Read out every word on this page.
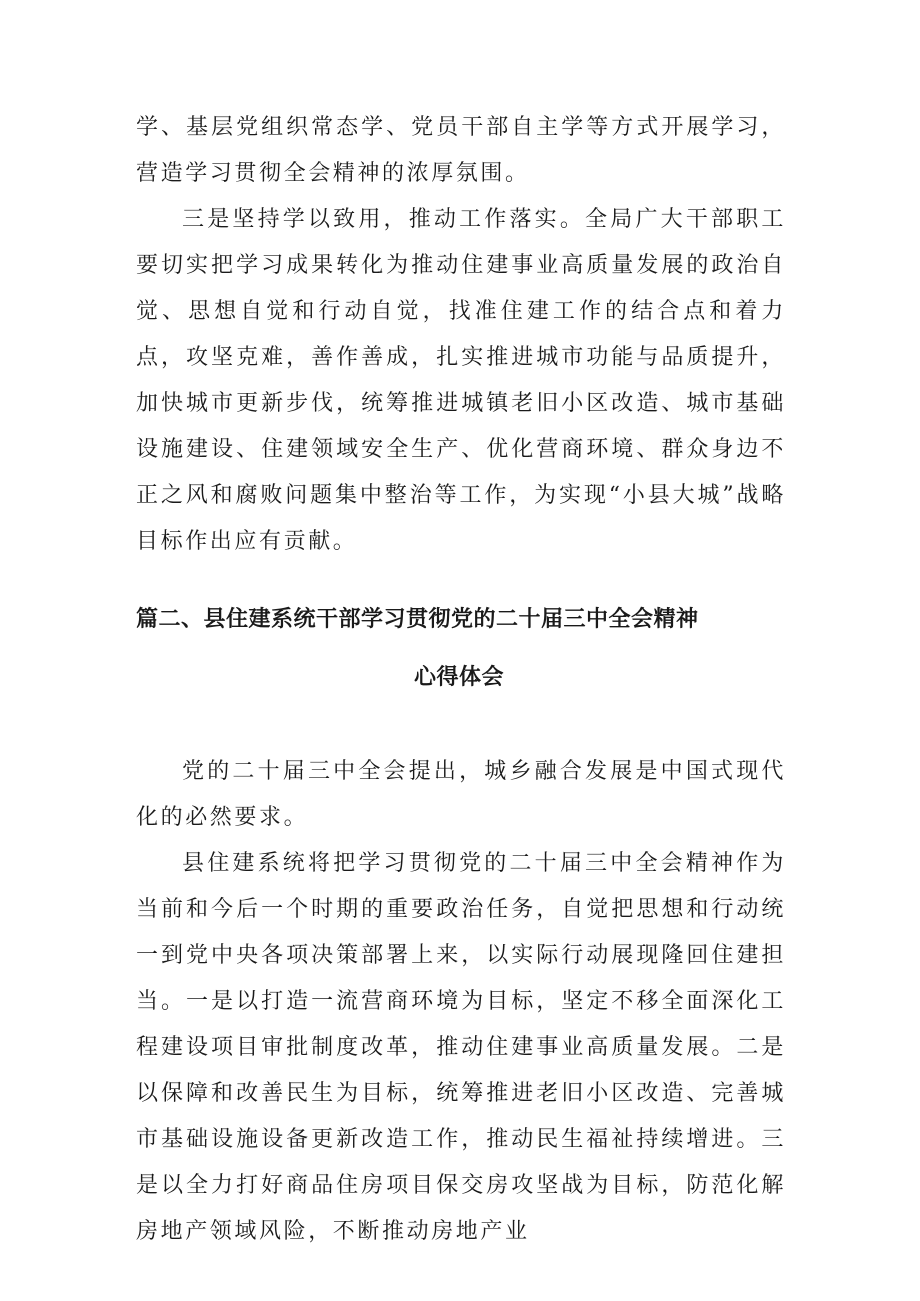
学、基层党组织常态学、党员干部自主学等方式开展学习，营造学习贯彻全会精神的浓厚氛围。

三是坚持学以致用，推动工作落实。全局广大干部职工要切实把学习成果转化为推动住建事业高质量发展的政治自觉、思想自觉和行动自觉，找准住建工作的结合点和着力点，攻坚克难，善作善成，扎实推进城市功能与品质提升，加快城市更新步伐，统筹推进城镇老旧小区改造、城市基础设施建设、住建领域安全生产、优化营商环境、群众身边不正之风和腐败问题集中整治等工作，为实现“小县大城”战略目标作出应有贡献。

篇二、县住建系统干部学习贯彻党的二十届三中全会精神
心得体会

党的二十届三中全会提出，城乡融合发展是中国式现代化的必然要求。

县住建系统将把学习贯彻党的二十届三中全会精神作为当前和今后一个时期的重要政治任务，自觉把思想和行动统一到党中央各项决策部署上来，以实际行动展现隆回住建担当。一是以打造一流营商环境为目标，坚定不移全面深化工程建设项目审批制度改革，推动住建事业高质量发展。二是以保障和改善民生为目标，统筹推进老旧小区改造、完善城市基础设施设备更新改造工作，推动民生福祉持续增进。三是以全力打好商品住房项目保交房攻坚战为目标，防范化解房地产领域风险，不断推动房地产业
